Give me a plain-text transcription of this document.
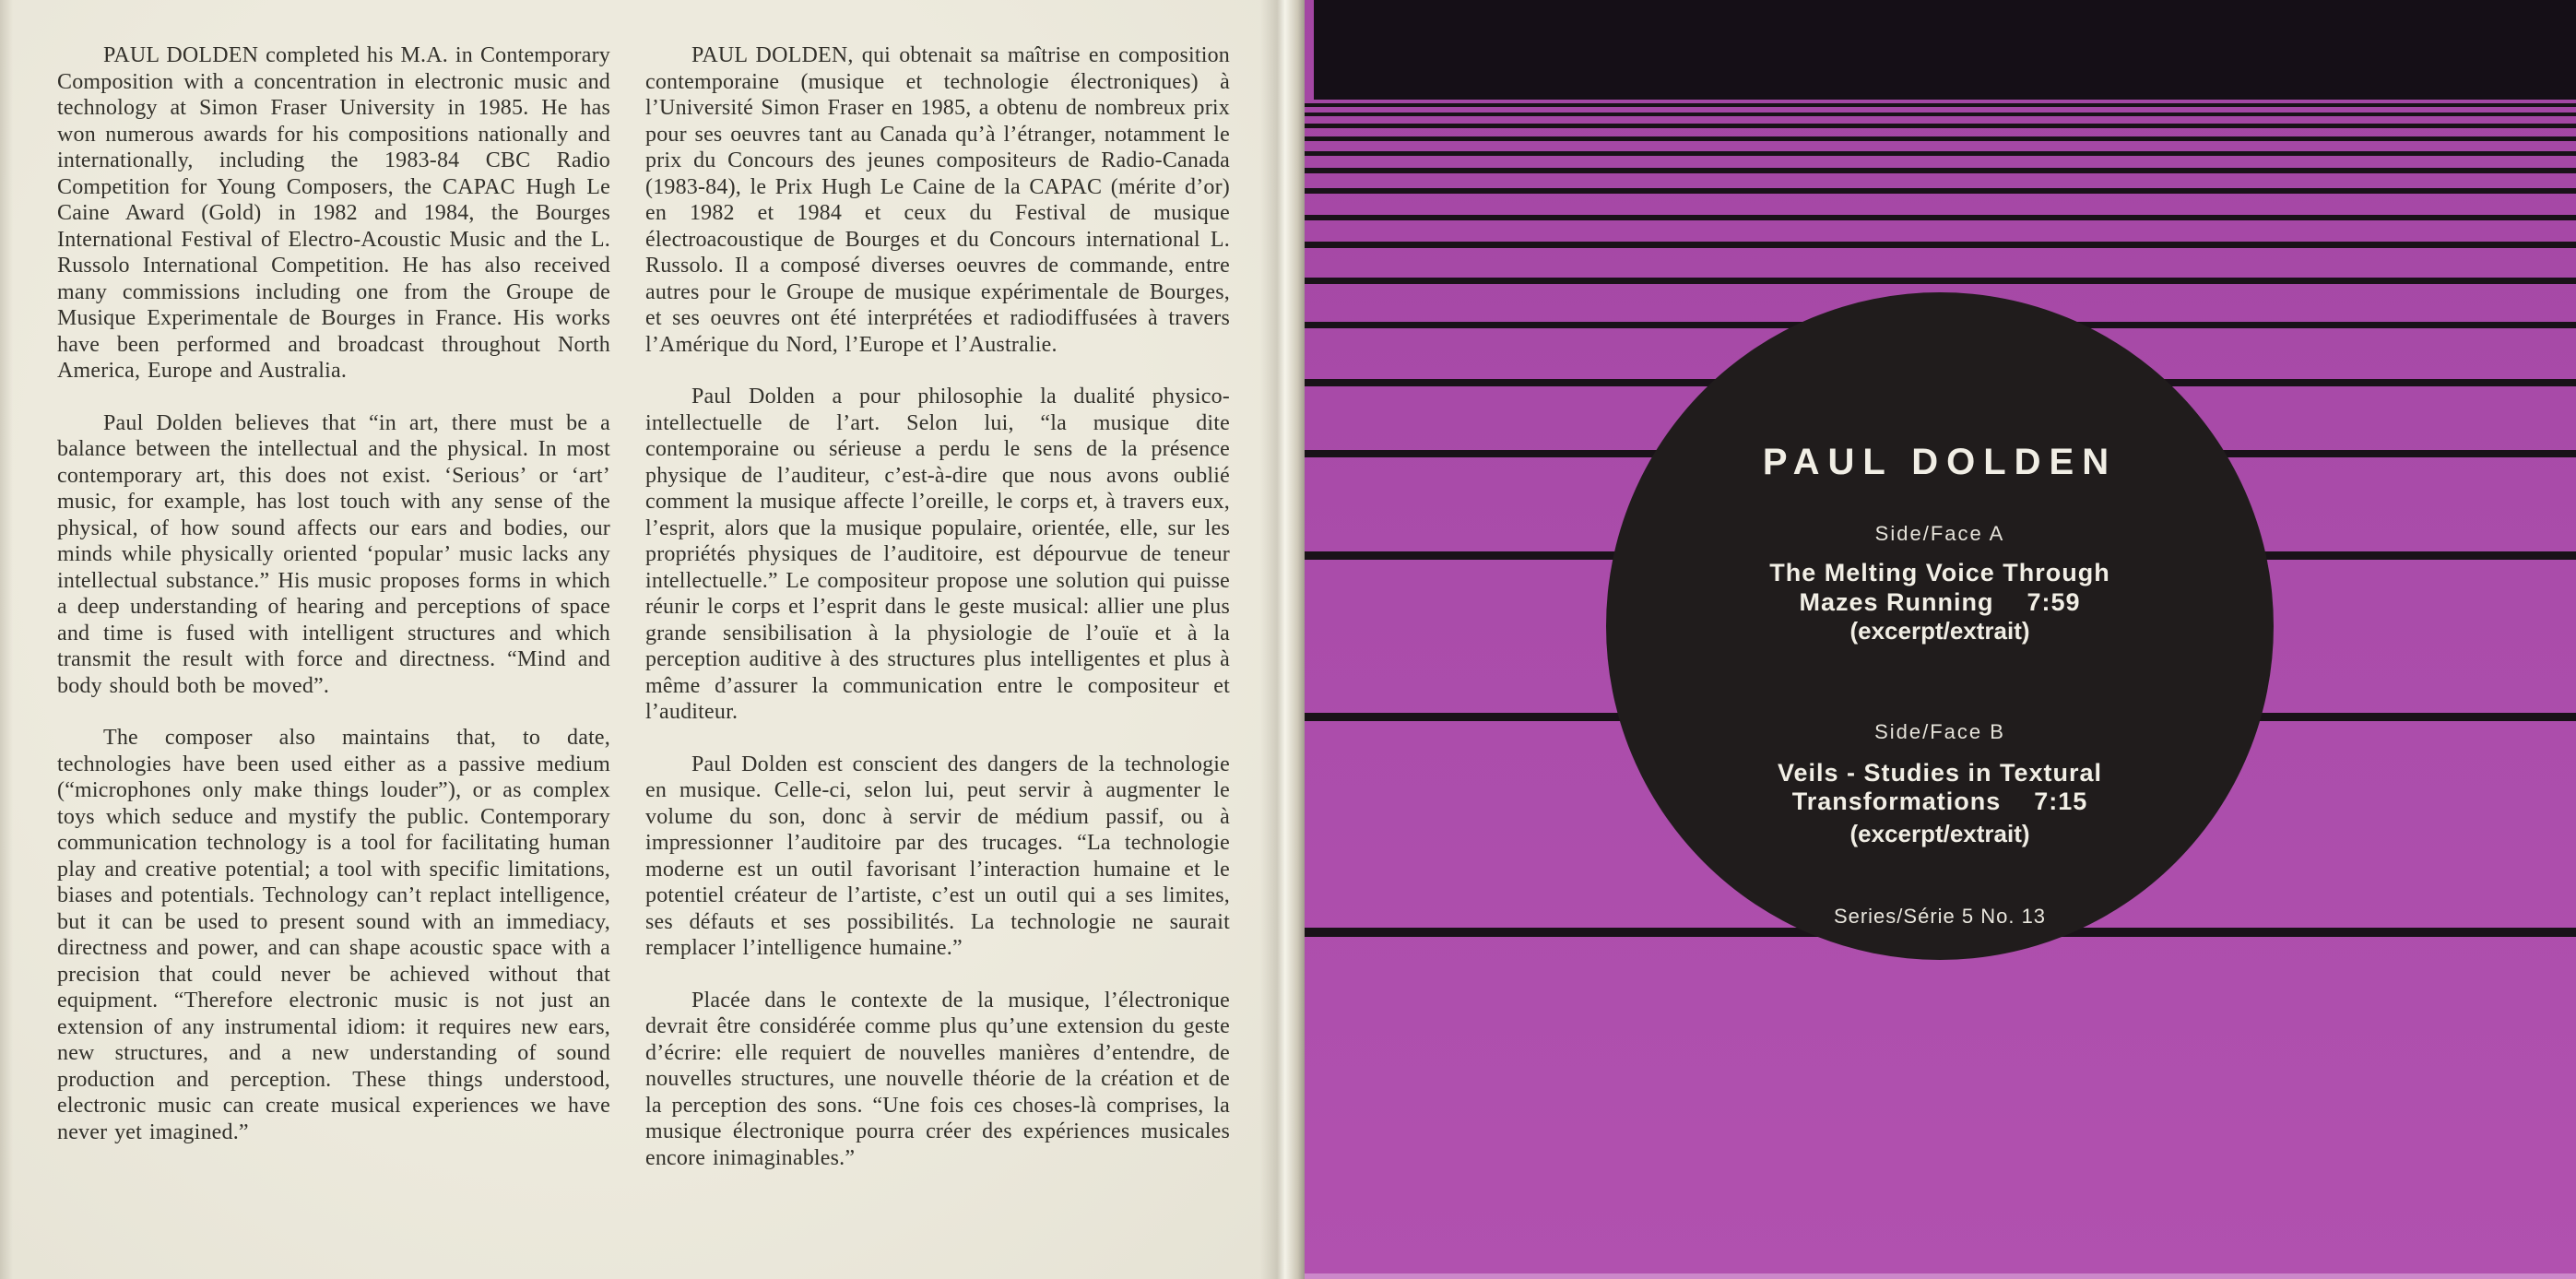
PAUL DOLDEN completed his M.A. in Contemporary Composition with a concentration in electronic music and technology at Simon Fraser University in 1985. He has won numerous awards for his compositions nationally and internationally, including the 1983-84 CBC Radio Competition for Young Composers, the CAPAC Hugh Le Caine Award (Gold) in 1982 and 1984, the Bourges International Festival of Electro-Acoustic Music and the L. Russolo International Competition. He has also received many commissions including one from the Groupe de Musique Experimentale de Bourges in France. His works have been performed and broadcast throughout North America, Europe and Australia.

Paul Dolden believes that “in art, there must be a balance between the intellectual and the physical. In most contemporary art, this does not exist. ‘Serious’ or ‘art’ music, for example, has lost touch with any sense of the physical, of how sound affects our ears and bodies, our minds while physically oriented ‘popular’ music lacks any intellectual substance.” His music proposes forms in which a deep understanding of hearing and perceptions of space and time is fused with intelligent structures and which transmit the result with force and directness. “Mind and body should both be moved”.

The composer also maintains that, to date, technologies have been used either as a passive medium (“microphones only make things louder”), or as complex toys which seduce and mystify the public. Contemporary communication technology is a tool for facilitating human play and creative potential; a tool with specific limitations, biases and potentials. Technology can’t replact intelligence, but it can be used to present sound with an immediacy, directness and power, and can shape acoustic space with a precision that could never be achieved without that equipment. “Therefore electronic music is not just an extension of any instrumental idiom: it requires new ears, new structures, and a new understanding of sound production and perception. These things understood, electronic music can create musical experiences we have never yet imagined.”

PAUL DOLDEN, qui obtenait sa maîtrise en composition contemporaine (musique et technologie électroniques) à l’Université Simon Fraser en 1985, a obtenu de nombreux prix pour ses oeuvres tant au Canada qu’à l’étranger, notamment le prix du Concours des jeunes compositeurs de Radio-Canada (1983-84), le Prix Hugh Le Caine de la CAPAC (mérite d’or) en 1982 et 1984 et ceux du Festival de musique électroacoustique de Bourges et du Concours international L. Russolo. Il a composé diverses oeuvres de commande, entre autres pour le Groupe de musique expérimentale de Bourges, et ses oeuvres ont été interprétées et radiodiffusées à travers l’Amérique du Nord, l’Europe et l’Australie.

Paul Dolden a pour philosophie la dualité physico-intellectuelle de l’art. Selon lui, “la musique dite contemporaine ou sérieuse a perdu le sens de la présence physique de l’auditeur, c’est-à-dire que nous avons oublié comment la musique affecte l’oreille, le corps et, à travers eux, l’esprit, alors que la musique populaire, orientée, elle, sur les propriétés physiques de l’auditoire, est dépourvue de teneur intellectuelle.” Le compositeur propose une solution qui puisse réunir le corps et l’esprit dans le geste musical: allier une plus grande sensibilisation à la physiologie de l’ouïe et à la perception auditive à des structures plus intelligentes et plus à même d’assurer la communication entre le compositeur et l’auditeur.

Paul Dolden est conscient des dangers de la technologie en musique. Celle-ci, selon lui, peut servir à augmenter le volume du son, donc à servir de médium passif, ou à impressionner l’auditoire par des trucages. “La technologie moderne est un outil favorisant l’interaction humaine et le potentiel créateur de l’artiste, c’est un outil qui a ses limites, ses défauts et ses possibilités. La technologie ne saurait remplacer l’intelligence humaine.”

Placée dans le contexte de la musique, l’électronique devrait être considérée comme plus qu’une extension du geste d’écrire: elle requiert de nouvelles manières d’entendre, de nouvelles structures, une nouvelle théorie de la création et de la perception des sons. “Une fois ces choses-là comprises, la musique électronique pourra créer des expériences musicales encore inimaginables.”

PAUL DOLDEN
Side/Face A
The Melting Voice Through
Mazes Running 7:59
(excerpt/extrait)
Side/Face B
Veils - Studies in Textural
Transformations 7:15
(excerpt/extrait)
Series/Série 5 No. 13
